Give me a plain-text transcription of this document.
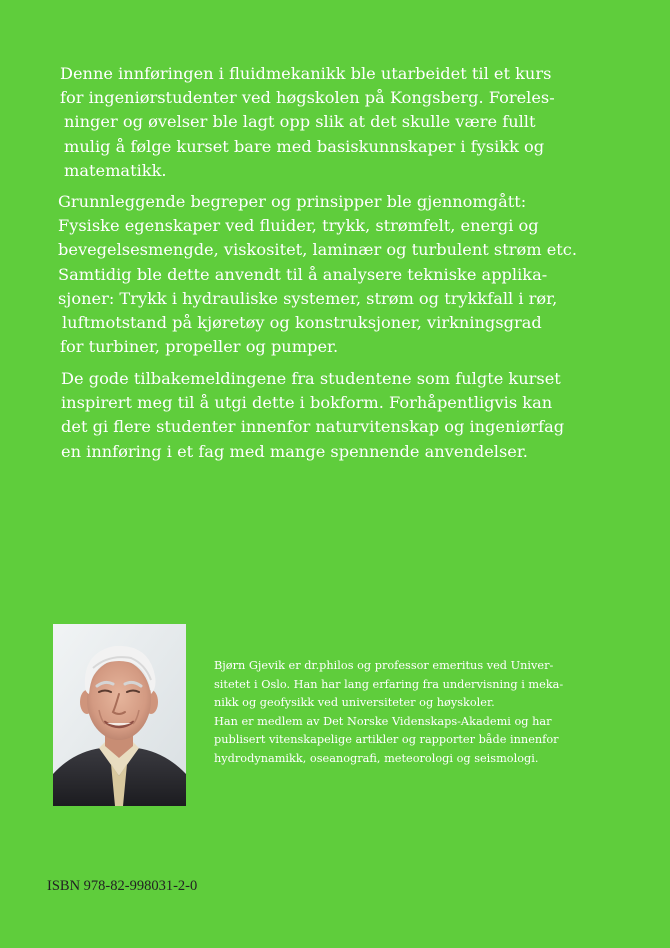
Denne innføringen i fluidmekanikk ble utarbeidet til et kurs
for ingeniørstudenter ved høgskolen på Kongsberg. Foreles-
ninger og øvelser ble lagt opp slik at det skulle være fullt
mulig å følge kurset bare med basiskunnskaper i fysikk og
matematikk.
Grunnleggende begreper og prinsipper ble gjennomgått:
Fysiske egenskaper ved fluider, trykk, strømfelt, energi og
bevegelsesmengde, viskositet, laminær og turbulent strøm etc.
Samtidig ble dette anvendt til å analysere tekniske applika-
sjoner: Trykk i hydrauliske systemer, strøm og trykkfall i rør,
luftmotstand på kjøretøy og konstruksjoner, virkningsgrad
for turbiner, propeller og pumper.
De gode tilbakemeldingene fra studentene som fulgte kurset
inspirert meg til å utgi dette i bokform. Forhåpentligvis kan
det gi flere studenter innenfor naturvitenskap og ingeniørfag
en innføring i et fag med mange spennende anvendelser.
Bjørn Gjevik er dr.philos og professor emeritus ved Univer-
sitetet i Oslo. Han har lang erfaring fra undervisning i meka-
nikk og geofysikk ved universiteter og høyskoler.
Han er medlem av Det Norske Videnskaps-Akademi og har
publisert vitenskapelige artikler og rapporter både innenfor
hydrodynamikk, oseanografi, meteorologi og seismologi.
ISBN 978-82-998031-2-0
